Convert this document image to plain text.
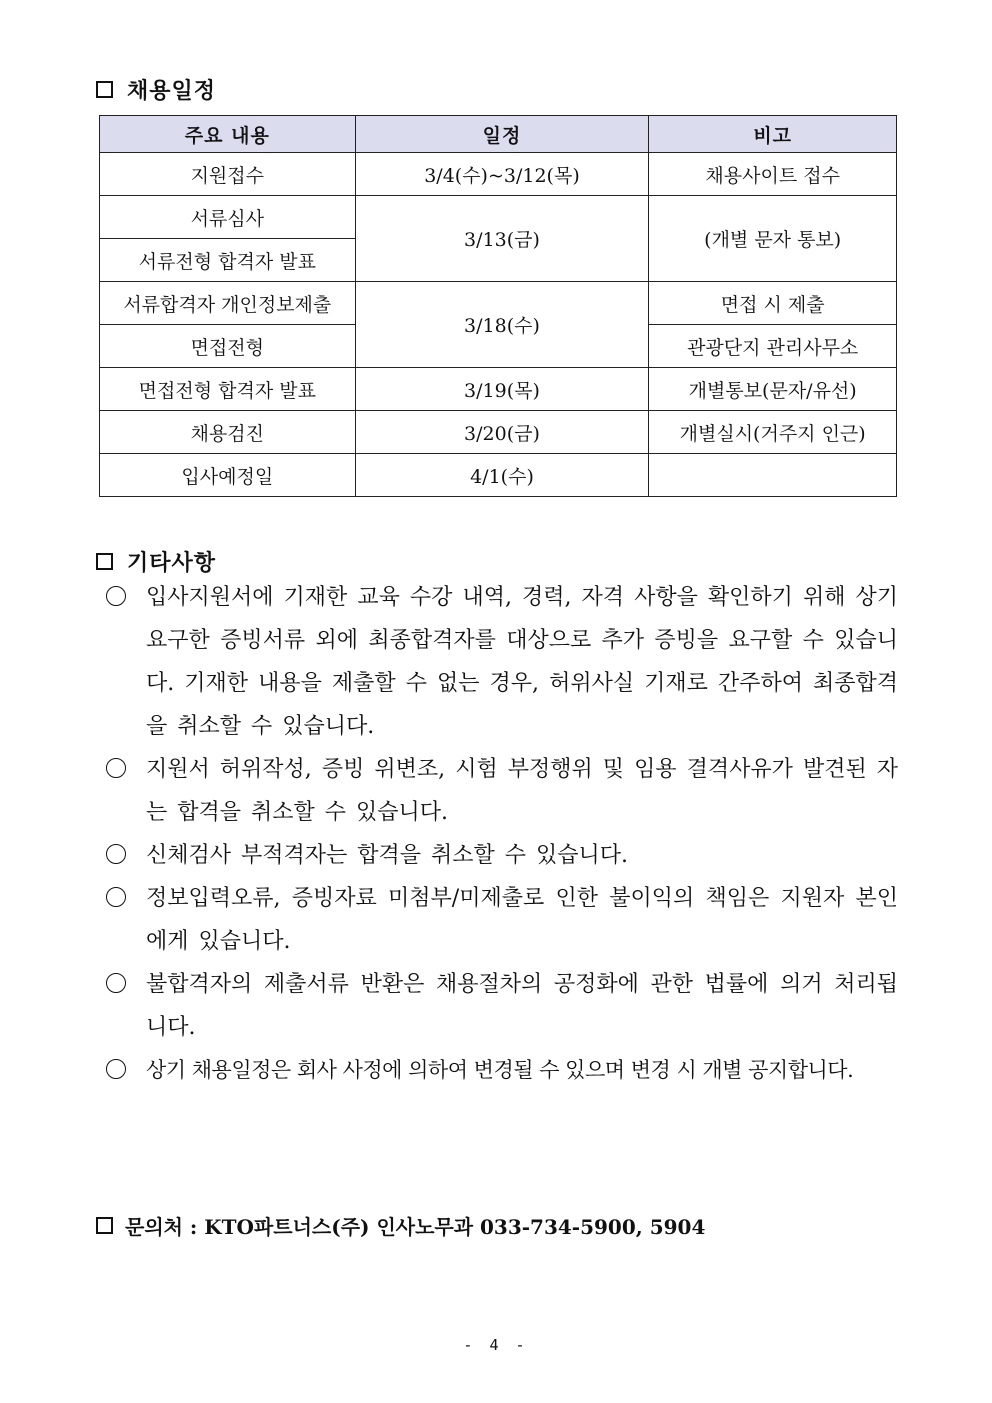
채용일정
주요 내용	일정	비고
지원접수	3/4(수)~3/12(목)	채용사이트 접수
서류심사	3/13(금)	(개별 문자 통보)
서류전형 합격자 발표		
서류합격자 개인정보제출	3/18(수)	면접 시 제출
면접전형		관광단지 관리사무소
면접전형 합격자 발표	3/19(목)	개별통보(문자/유선)
채용검진	3/20(금)	개별실시(거주지 인근)
입사예정일	4/1(수)	
기타사항
입사지원서에 기재한 교육 수강 내역, 경력, 자격 사항을 확인하기 위해 상기 요구한 증빙서류 외에 최종합격자를 대상으로 추가 증빙을 요구할 수 있습니다. 기재한 내용을 제출할 수 없는 경우, 허위사실 기재로 간주하여 최종합격을 취소할 수 있습니다.
지원서 허위작성, 증빙 위변조, 시험 부정행위 및 임용 결격사유가 발견된 자는 합격을 취소할 수 있습니다.
신체검사 부적격자는 합격을 취소할 수 있습니다.
정보입력오류, 증빙자료 미첨부/미제출로 인한 불이익의 책임은 지원자 본인에게 있습니다.
불합격자의 제출서류 반환은 채용절차의 공정화에 관한 법률에 의거 처리됩니다.
상기 채용일정은 회사 사정에 의하여 변경될 수 있으며 변경 시 개별 공지합니다.
문의처 : KTO파트너스(주) 인사노무과 033-734-5900, 5904
- 4 -
